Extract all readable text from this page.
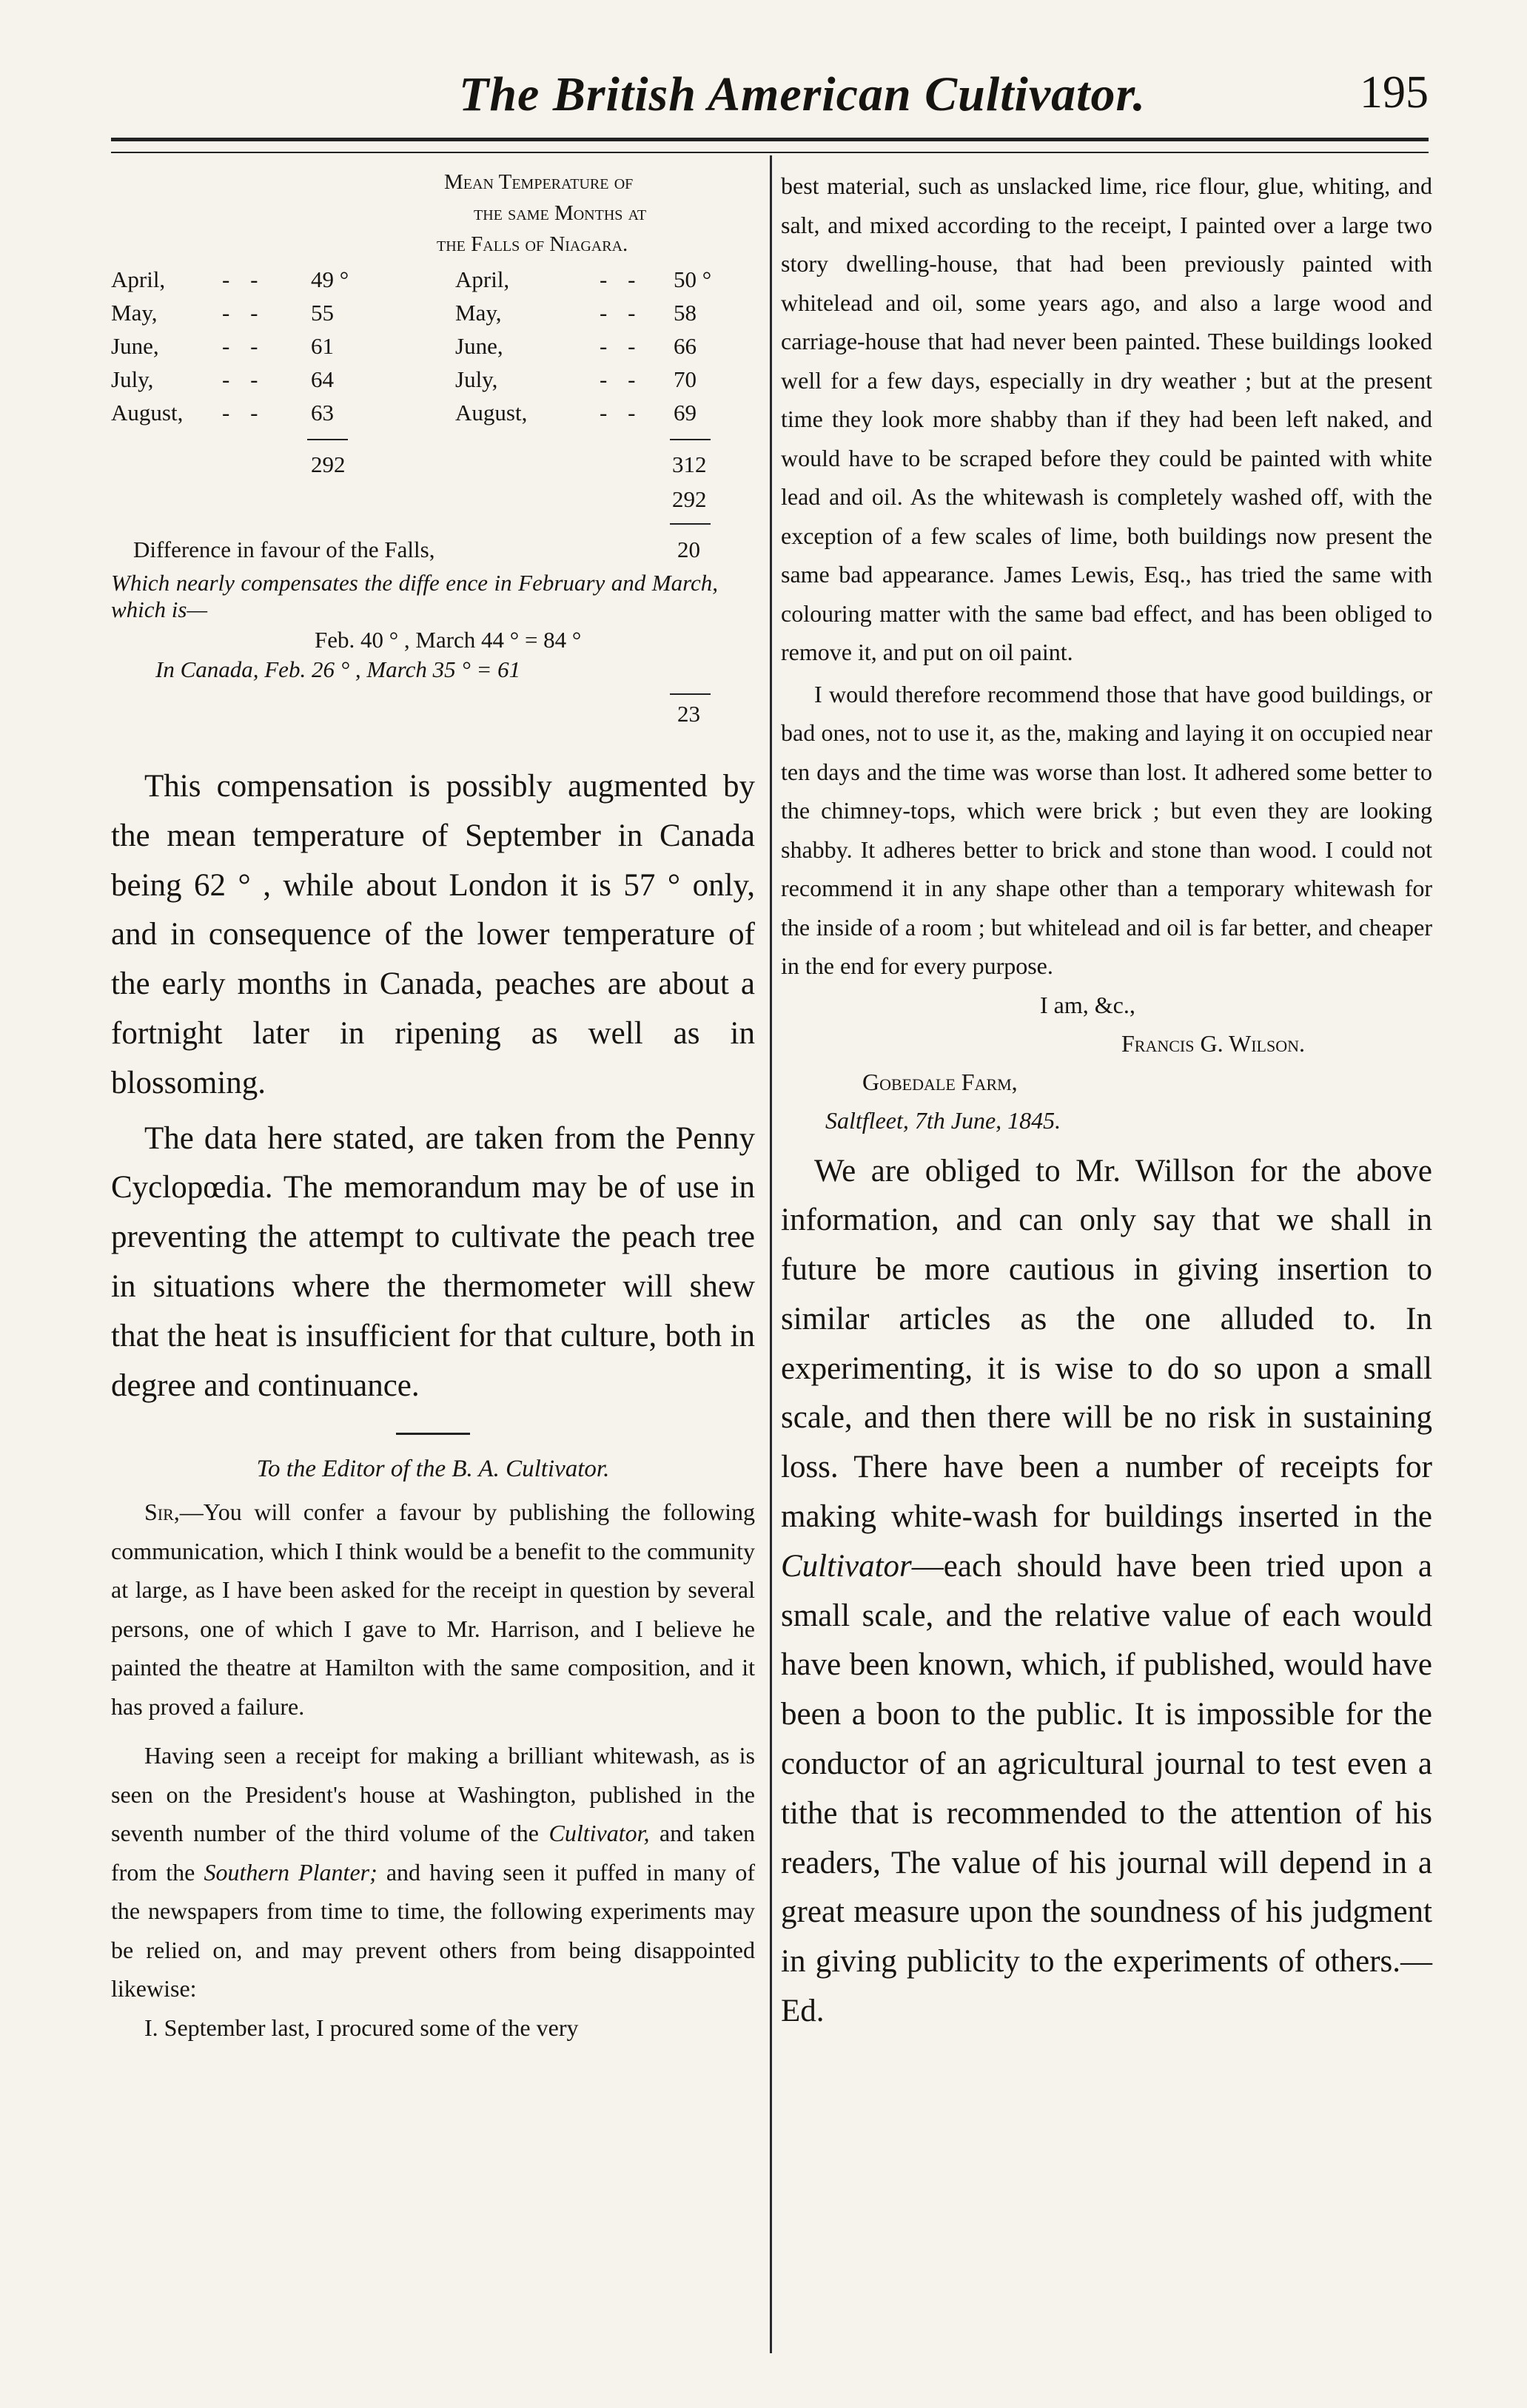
The British American Cultivator.	195
Mean Temperature of
the same Months at
the Falls of Niagara.
April, - - 49 °	April,	- - 50 °
May,	- - 55	May,	- - 58
June,	- - 61	June,	- - 66
July,	- - 64	July,	- - 70
August, - - 63	August,	- - 69
292	312
292
Difference in favour of the Falls,	20
Which nearly compensates the diffe ence in February and March, which is—
Feb. 40 ° , March 44 ° = 84 °
In Canada, Feb. 26 ° , March 35 ° = 61
23

This compensation is possibly augmented by the mean temperature of September in Canada being 62 ° , while about London it is 57 ° only, and in consequence of the lower temperature of the early months in Canada, peaches are about a fortnight later in ripening as well as in blossoming.

The data here stated, are taken from the Penny Cyclopœdia. The memorandum may be of use in preventing the attempt to cultivate the peach tree in situations where the thermometer will shew that the heat is insufficient for that culture, both in degree and continuance.

To the Editor of the B. A. Cultivator.

Sir,—You will confer a favour by publishing the following communication, which I think would be a benefit to the community at large, as I have been asked for the receipt in question by several persons, one of which I gave to Mr. Harrison, and I believe he painted the theatre at Hamilton with the same composition, and it has proved a failure.

Having seen a receipt for making a brilliant whitewash, as is seen on the President's house at Washington, published in the seventh number of the third volume of the Cultivator, and taken from the Southern Planter; and having seen it puffed in many of the newspapers from time to time, the following experiments may be relied on, and may prevent others from being disappointed likewise:

I. September last, I procured some of the very

best material, such as unslacked lime, rice flour, glue, whiting, and salt, and mixed according to the receipt, I painted over a large two story dwelling-house, that had been previously painted with whitelead and oil, some years ago, and also a large wood and carriage-house that had never been painted. These buildings looked well for a few days, especially in dry weather ; but at the present time they look more shabby than if they had been left naked, and would have to be scraped before they could be painted with white lead and oil. As the whitewash is completely washed off, with the exception of a few scales of lime, both buildings now present the same bad appearance. James Lewis, Esq., has tried the same with colouring matter with the same bad effect, and has been obliged to remove it, and put on oil paint.

I would therefore recommend those that have good buildings, or bad ones, not to use it, as the, making and laying it on occupied near ten days and the time was worse than lost. It adhered some better to the chimney-tops, which were brick ; but even they are looking shabby. It adheres better to brick and stone than wood. I could not recommend it in any shape other than a temporary whitewash for the inside of a room ; but whitelead and oil is far better, and cheaper in the end for every purpose.

I am, &c.,
Francis G. Wilson.
Gobedale Farm,
Saltfleet, 7th June, 1845.

We are obliged to Mr. Willson for the above information, and can only say that we shall in future be more cautious in giving insertion to similar articles as the one alluded to. In experimenting, it is wise to do so upon a small scale, and then there will be no risk in sustaining loss. There have been a number of receipts for making white-wash for buildings inserted in the Cultivator—each should have been tried upon a small scale, and the relative value of each would have been known, which, if published, would have been a boon to the public. It is impossible for the conductor of an agricultural journal to test even a tithe that is recommended to the attention of his readers, The value of his journal will depend in a great measure upon the soundness of his judgment in giving publicity to the experiments of others.—Ed.
